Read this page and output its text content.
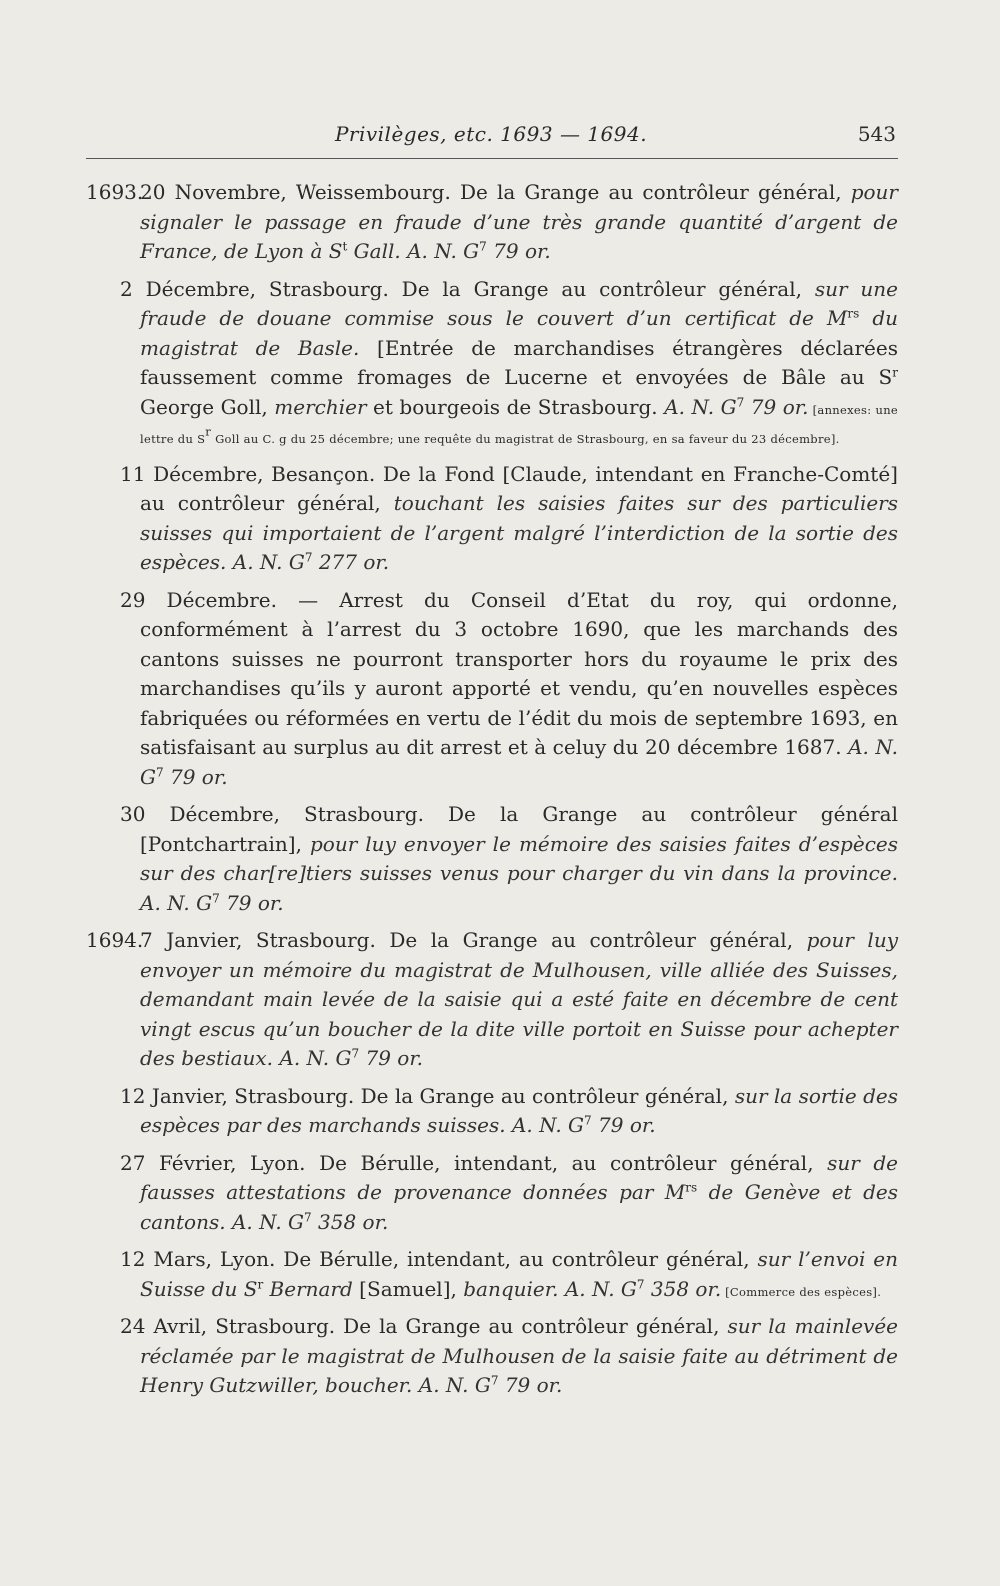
Privilèges, etc. 1693 — 1694.	543

1693.20 Novembre, Weissembourg. De la Grange au contrôleur général, pour signaler le passage en fraude d’une très grande quantité d’argent de France, de Lyon à $S^t$ Gall. A. N. $G^7$ 79 or.

2 Décembre, Strasbourg. De la Grange au contrôleur général, sur une fraude de douane commise sous le couvert d’un certificat de $M^{rs}$ du magistrat de Basle. [Entrée de marchandises étrangères déclarées faussement comme fromages de Lucerne et envoyées de Bâle au $S^r$ George Goll, merchier et bourgeois de Strasbourg. A. N. $G^7$ 79 or. [annexes: une lettre du S$^r$ Goll au C. g du 25 décembre; une requête du magistrat de Strasbourg, en sa faveur du 23 décembre].

11 Décembre, Besançon. De la Fond [Claude, intendant en Franche-Comté] au contrôleur général, touchant les saisies faites sur des particuliers suisses qui importaient de l’argent malgré l’interdiction de la sortie des espèces. A. N. $G^7$ 277 or.

29 Décembre. — Arrest du Conseil d’Etat du roy, qui ordonne, conformément à l’arrest du 3 octobre 1690, que les marchands des cantons suisses ne pourront transporter hors du royaume le prix des marchandises qu’ils y auront apporté et vendu, qu’en nouvelles espèces fabriquées ou réformées en vertu de l’édit du mois de septembre 1693, en satisfaisant au surplus au dit arrest et à celuy du 20 décembre 1687. A. N. $G^7$ 79 or.

30 Décembre, Strasbourg. De la Grange au contrôleur général [Pontchartrain], pour luy envoyer le mémoire des saisies faites d’espèces sur des char[re]tiers suisses venus pour charger du vin dans la province. A. N. $G^7$ 79 or.

1694.7 Janvier, Strasbourg. De la Grange au contrôleur général, pour luy envoyer un mémoire du magistrat de Mulhousen, ville alliée des Suisses, demandant main levée de la saisie qui a esté faite en décembre de cent vingt escus qu’un boucher de la dite ville portoit en Suisse pour achepter des bestiaux. A. N. $G^7$ 79 or.

12 Janvier, Strasbourg. De la Grange au contrôleur général, sur la sortie des espèces par des marchands suisses. A. N. $G^7$ 79 or.

27 Février, Lyon. De Bérulle, intendant, au contrôleur général, sur de fausses attestations de provenance données par $M^{rs}$ de Genève et des cantons. A. N. $G^7$ 358 or.

12 Mars, Lyon. De Bérulle, intendant, au contrôleur général, sur l’envoi en Suisse du $S^r$ Bernard [Samuel], banquier. A. N. $G^7$ 358 or. [Commerce des espèces].

24 Avril, Strasbourg. De la Grange au contrôleur général, sur la mainlevée réclamée par le magistrat de Mulhousen de la saisie faite au détriment de Henry Gutzwiller, boucher. A. N. $G^7$ 79 or.
